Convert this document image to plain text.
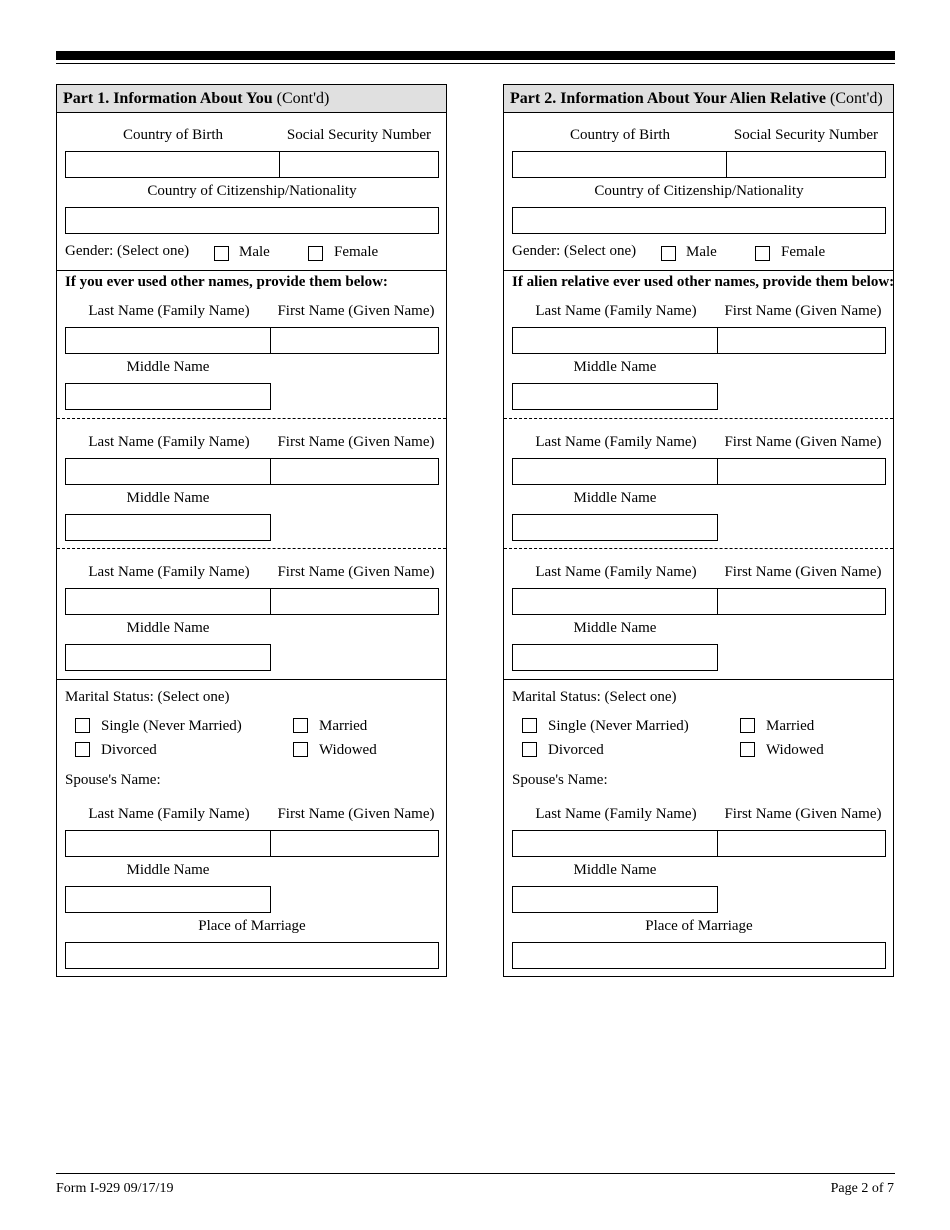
Part 1. Information About You (Cont'd)
Country of Birth	Social Security Number
Country of Citizenship/Nationality
Gender: (Select one)	Male	Female
If you ever used other names, provide them below:
Last Name (Family Name)	First Name (Given Name)
Middle Name
Last Name (Family Name)	First Name (Given Name)
Middle Name
Last Name (Family Name)	First Name (Given Name)
Middle Name
Marital Status: (Select one)
Single (Never Married)	Married
Divorced	Widowed
Spouse's Name:
Last Name (Family Name)	First Name (Given Name)
Middle Name
Place of Marriage
Part 2. Information About Your Alien Relative (Cont'd)
Country of Birth	Social Security Number
Country of Citizenship/Nationality
Gender: (Select one)	Male	Female
If alien relative ever used other names, provide them below:
Last Name (Family Name)	First Name (Given Name)
Middle Name
Last Name (Family Name)	First Name (Given Name)
Middle Name
Last Name (Family Name)	First Name (Given Name)
Middle Name
Marital Status: (Select one)
Single (Never Married)	Married
Divorced	Widowed
Spouse's Name:
Last Name (Family Name)	First Name (Given Name)
Middle Name
Place of Marriage
Form I-929 09/17/19	Page 2 of 7
